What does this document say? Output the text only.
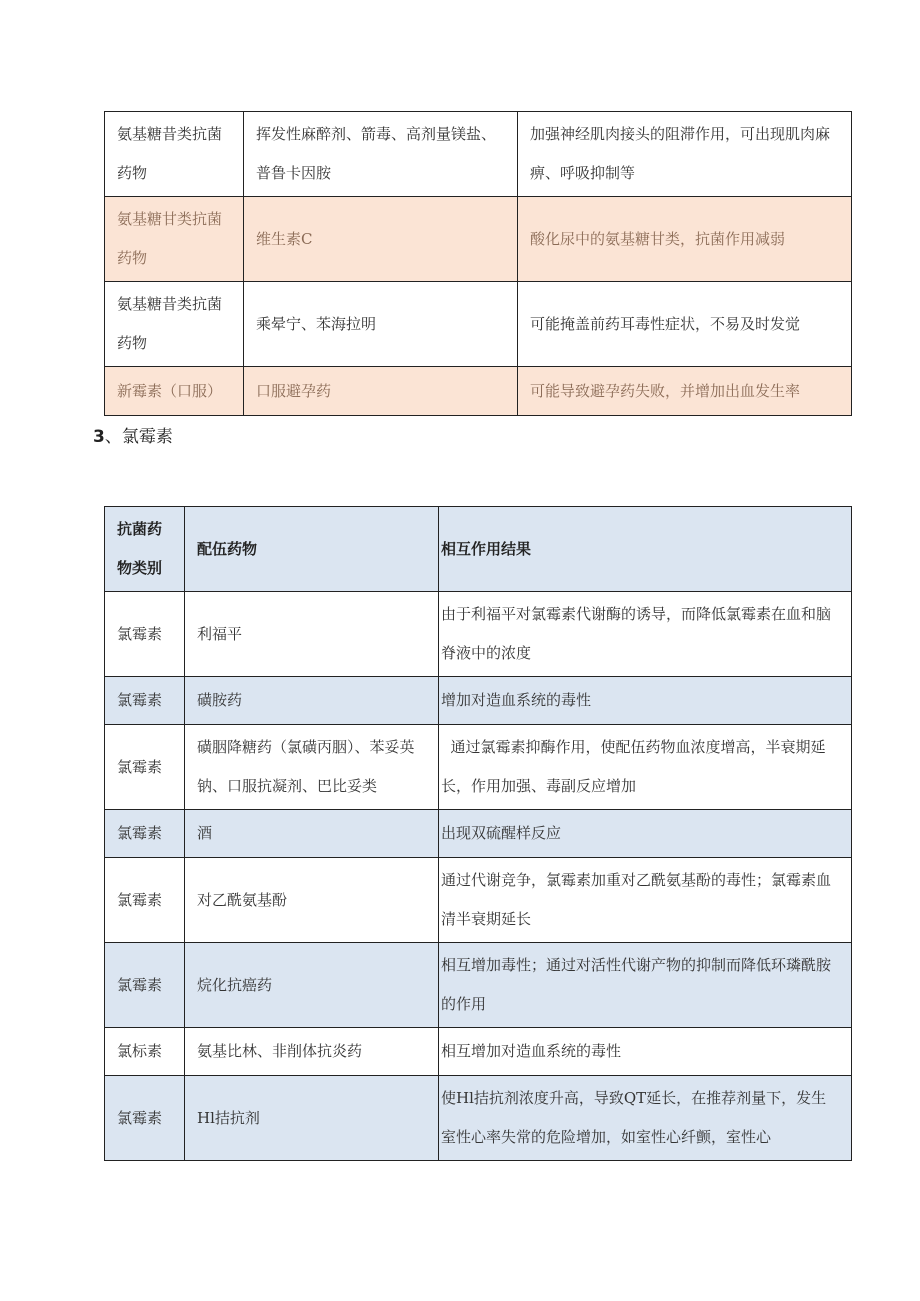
氨基糖昔类抗菌药物	挥发性麻醉剂、箭毒、高剂量镁盐、普鲁卡因胺	加强神经肌肉接头的阻滞作用，可出现肌肉麻痹、呼吸抑制等
氨基糖甘类抗菌药物	维生素C	酸化尿中的氨基糖甘类，抗菌作用减弱
氨基糖昔类抗菌药物	乘晕宁、苯海拉明	可能掩盖前药耳毒性症状，不易及时发觉
新霉素（口服）	口服避孕药	可能导致避孕药失败，并增加出血发生率
3、氯霉素
抗菌药物类别	配伍药物	相互作用结果
氯霉素	利福平	由于利福平对氯霉素代谢酶的诱导，而降低氯霉素在血和脑脊液中的浓度
氯霉素	磺胺药	增加对造血系统的毒性
氯霉素	磺胭降糖药（氯磺丙胭）、苯妥英钠、口服抗凝剂、巴比妥类	通过氯霉素抑酶作用，使配伍药物血浓度增高，半衰期延长，作用加强、毒副反应增加
氯霉素	酒	出现双硫醒样反应
氯霉素	对乙酰氨基酚	通过代谢竞争，氯霉素加重对乙酰氨基酚的毒性；氯霉素血清半衰期延长
氯霉素	烷化抗癌药	相互增加毒性；通过对活性代谢产物的抑制而降低环璘酰胺的作用
氯标素	氨基比林、非削体抗炎药	相互增加对造血系统的毒性
氯霉素	Hl拮抗剂	使Hl拮抗剂浓度升高，导致QT延长，在推荐剂量下，发生室性心率失常的危险增加，如室性心纤颤，室性心
